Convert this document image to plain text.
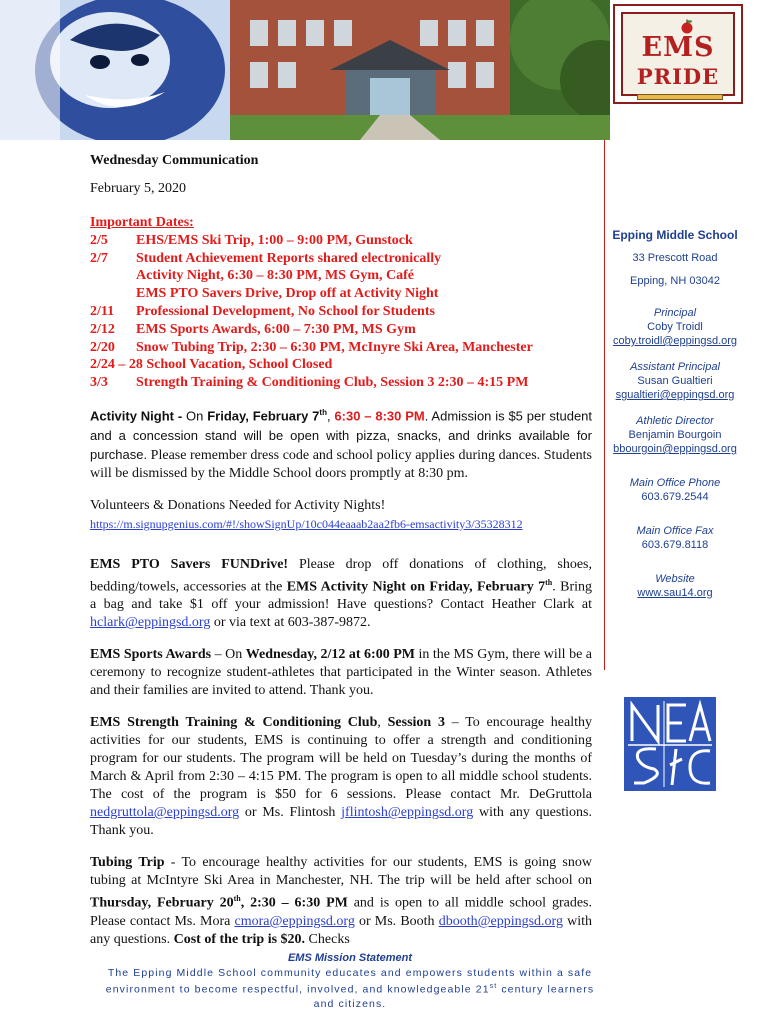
EMS
PRIDE
Wednesday Communication
February 5, 2020
Important Dates:
2/5	EHS/EMS Ski Trip, 1:00 – 9:00 PM, Gunstock
2/7	Student Achievement Reports shared electronically
Activity Night, 6:30 – 8:30 PM, MS Gym, Café
EMS PTO Savers Drive, Drop off at Activity Night
2/11	Professional Development, No School for Students
2/12	EMS Sports Awards, 6:00 – 7:30 PM, MS Gym
2/20	Snow Tubing Trip, 2:30 – 6:30 PM, McInyre Ski Area, Manchester
2/24 – 28 School Vacation, School Closed
3/3	Strength Training & Conditioning Club, Session 3 2:30 – 4:15 PM

Activity Night - On Friday, February 7th, 6:30 – 8:30 PM. Admission is $5 per student and a concession stand will be open with pizza, snacks, and drinks available for purchase. Please remember dress code and school policy applies during dances. Students will be dismissed by the Middle School doors promptly at 8:30 pm.

Volunteers & Donations Needed for Activity Nights!
https://m.signupgenius.com/#!/showSignUp/10c044eaaab2aa2fb6-emsactivity3/35328312

EMS PTO Savers FUNDrive! Please drop off donations of clothing, shoes, bedding/towels, accessories at the EMS Activity Night on Friday, February 7th. Bring a bag and take $1 off your admission! Have questions? Contact Heather Clark at hclark@eppingsd.org or via text at 603-387-9872.

EMS Sports Awards – On Wednesday, 2/12 at 6:00 PM in the MS Gym, there will be a ceremony to recognize student-athletes that participated in the Winter season. Athletes and their families are invited to attend. Thank you.

EMS Strength Training & Conditioning Club, Session 3 – To encourage healthy activities for our students, EMS is continuing to offer a strength and conditioning program for our students. The program will be held on Tuesday’s during the months of March & April from 2:30 – 4:15 PM. The program is open to all middle school students. The cost of the program is $50 for 6 sessions. Please contact Mr. DeGruttola nedgruttola@eppingsd.org or Ms. Flintosh jflintosh@eppingsd.org with any questions. Thank you.

Tubing Trip - To encourage healthy activities for our students, EMS is going snow tubing at McIntyre Ski Area in Manchester, NH. The trip will be held after school on Thursday, February 20th, 2:30 – 6:30 PM and is open to all middle school grades. Please contact Ms. Mora cmora@eppingsd.org or Ms. Booth dbooth@eppingsd.org with any questions. Cost of the trip is $20. Checks

Epping Middle School
33 Prescott Road
Epping, NH 03042
Principal
Coby Troidl
coby.troidl@eppingsd.org
Assistant Principal
Susan Gualtieri
sgualtieri@eppingsd.org
Athletic Director
Benjamin Bourgoin
bbourgoin@eppingsd.org
Main Office Phone
603.679.2544
Main Office Fax
603.679.8118
Website
www.sau14.org
EMS Mission Statement
The Epping Middle School community educates and empowers students within a safe environment to become respectful, involved, and knowledgeable 21st century learners and citizens.
